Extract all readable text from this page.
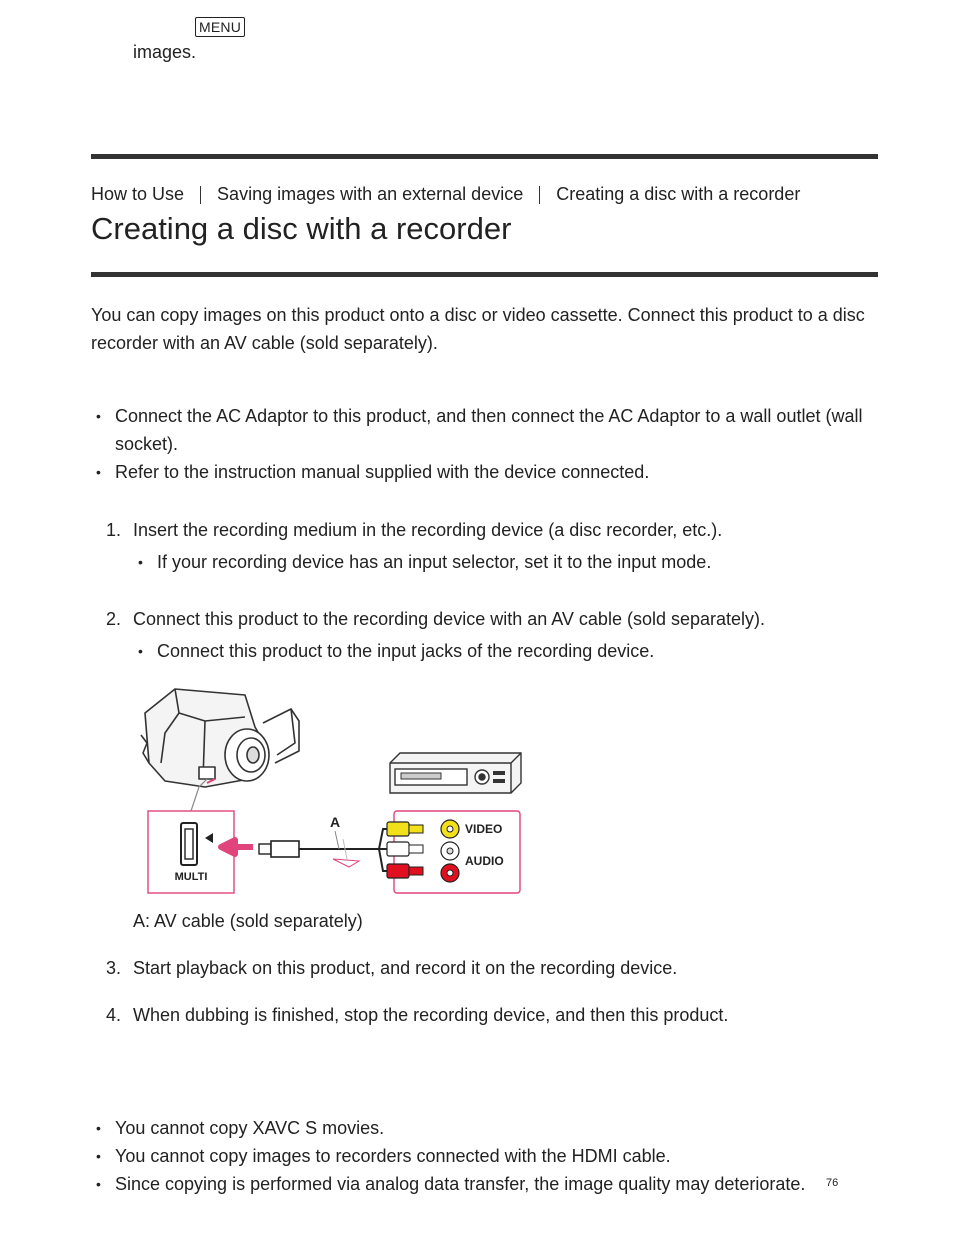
MENU
images.
How to Use Saving images with an external device Creating a disc with a recorder
Creating a disc with a recorder

You can copy images on this product onto a disc or video cassette. Connect this product to a disc recorder with an AV cable (sold separately).

• Connect the AC Adaptor to this product, and then connect the AC Adaptor to a wall outlet (wall socket).
• Refer to the instruction manual supplied with the device connected.
1. Insert the recording medium in the recording device (a disc recorder, etc.).
• If your recording device has an input selector, set it to the input mode.
2. Connect this product to the recording device with an AV cable (sold separately).
• Connect this product to the input jacks of the recording device.
MULTI
A	VIDEO
AUDIO
A: AV cable (sold separately)
3. Start playback on this product, and record it on the recording device.
4. When dubbing is finished, stop the recording device, and then this product.
• You cannot copy XAVC S movies.
• You cannot copy images to recorders connected with the HDMI cable.
• Since copying is performed via analog data transfer, the image quality may deteriorate.	76
